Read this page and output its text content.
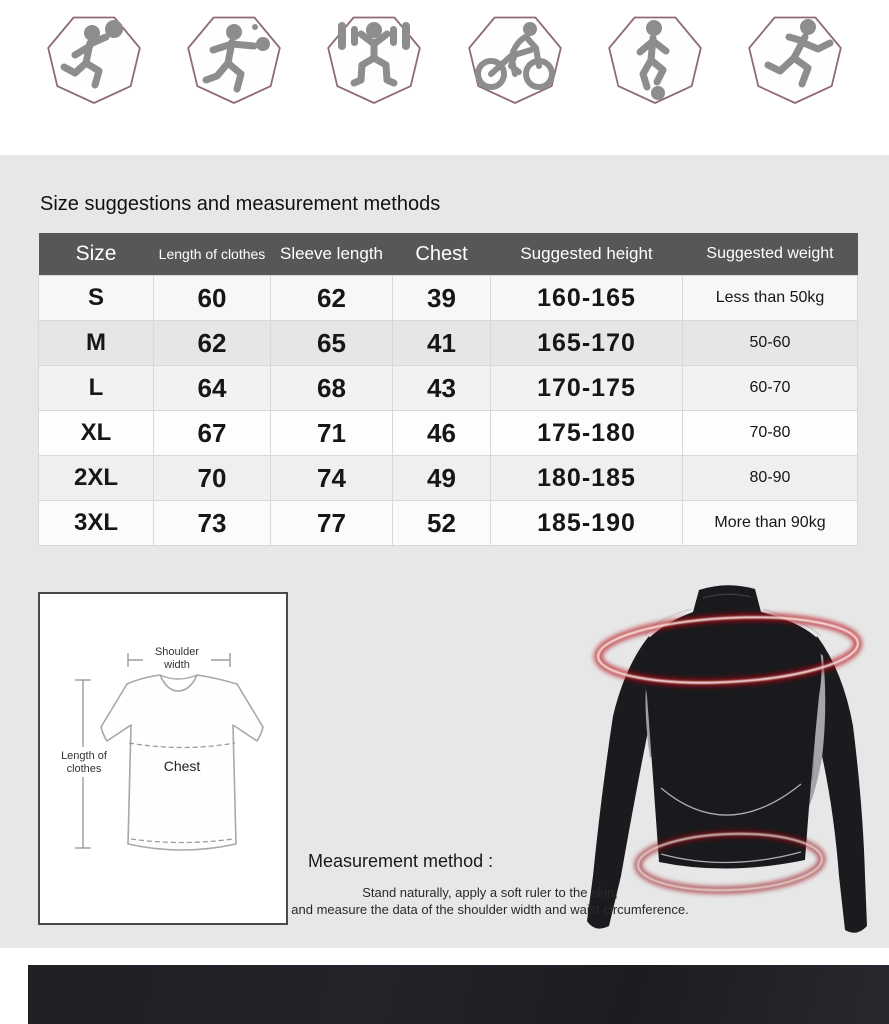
Size suggestions and measurement methods
Size	Length of clothes	Sleeve length	Chest	Suggested height	Suggested weight
S	60	62	39	160-165	Less than 50kg
M	62	65	41	165-170	50-60
L	64	68	43	170-175	60-70
XL	67	71	46	175-180	70-80
2XL	70	74	49	180-185	80-90
3XL	73	77	52	185-190	More than 90kg
Shoulder
width
Length of
clothes	Chest
Measurement method :
Stand naturally, apply a soft ruler to the skin,
and measure the data of the shoulder width and waist circumference.
